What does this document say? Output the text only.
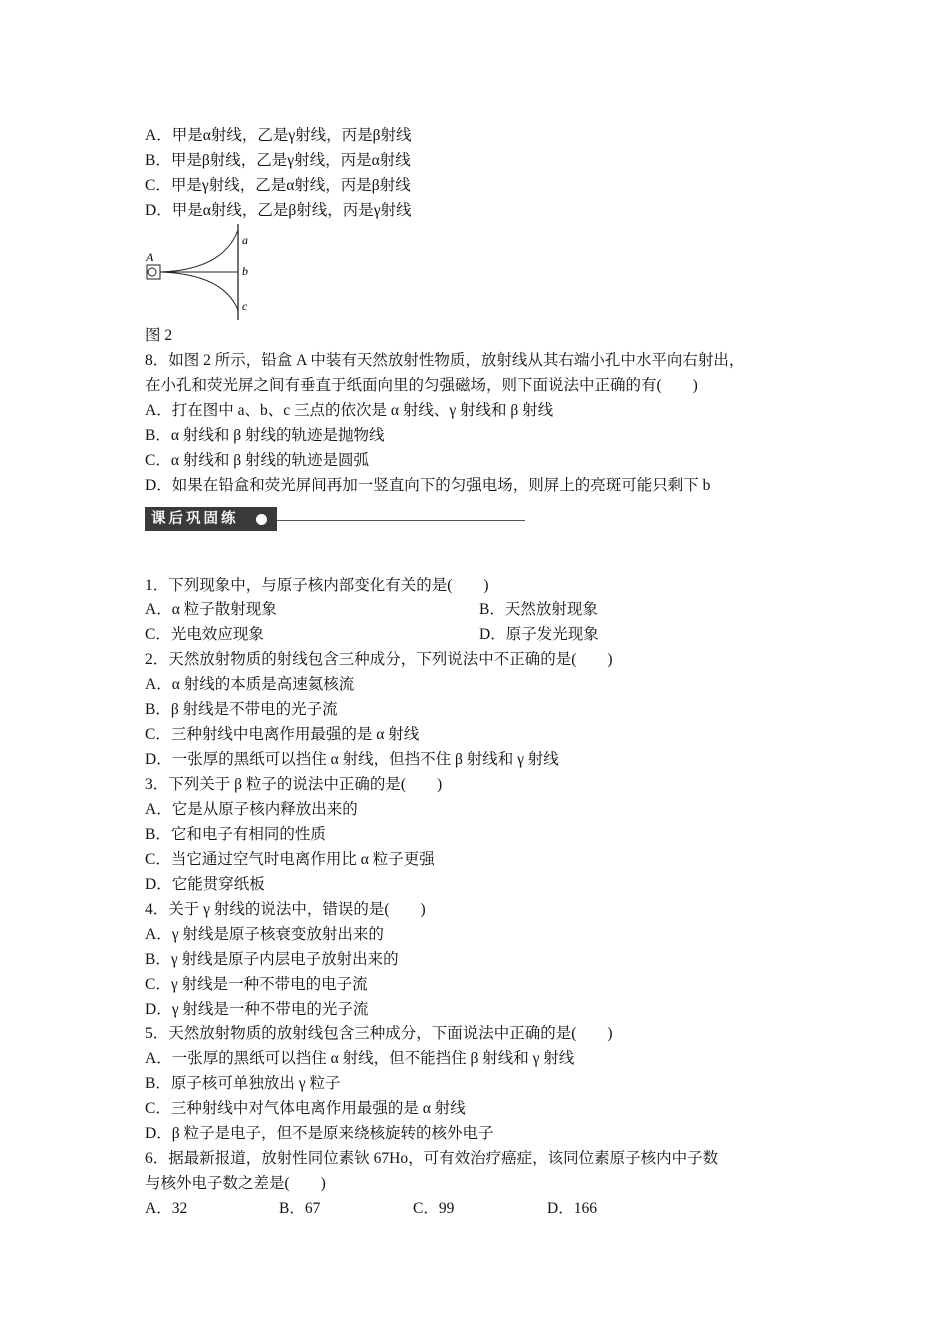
A．甲是α射线，乙是γ射线，丙是β射线
B．甲是β射线，乙是γ射线，丙是α射线
C．甲是γ射线，乙是α射线，丙是β射线
D．甲是α射线，乙是β射线，丙是γ射线
A
a
b
c
图 2
8．如图 2 所示，铅盒 A 中装有天然放射性物质，放射线从其右端小孔中水平向右射出，
在小孔和荧光屏之间有垂直于纸面向里的匀强磁场，则下面说法中正确的有(　　)
A．打在图中 a、b、c 三点的依次是 α 射线、γ 射线和 β 射线
B．α 射线和 β 射线的轨迹是抛物线
C．α 射线和 β 射线的轨迹是圆弧
D．如果在铅盒和荧光屏间再加一竖直向下的匀强电场，则屏上的亮斑可能只剩下 b
课后巩固练
1．下列现象中，与原子核内部变化有关的是(　　)
A．α 粒子散射现象	B．天然放射现象
C．光电效应现象	D．原子发光现象
2．天然放射物质的射线包含三种成分，下列说法中不正确的是(　　)
A．α 射线的本质是高速氦核流
B．β 射线是不带电的光子流
C．三种射线中电离作用最强的是 α 射线
D．一张厚的黑纸可以挡住 α 射线，但挡不住 β 射线和 γ 射线
3．下列关于 β 粒子的说法中正确的是(　　)
A．它是从原子核内释放出来的
B．它和电子有相同的性质
C．当它通过空气时电离作用比 α 粒子更强
D．它能贯穿纸板
4．关于 γ 射线的说法中，错误的是(　　)
A．γ 射线是原子核衰变放射出来的
B．γ 射线是原子内层电子放射出来的
C．γ 射线是一种不带电的电子流
D．γ 射线是一种不带电的光子流
5．天然放射物质的放射线包含三种成分，下面说法中正确的是(　　)
A．一张厚的黑纸可以挡住 α 射线，但不能挡住 β 射线和 γ 射线
B．原子核可单独放出 γ 粒子
C．三种射线中对气体电离作用最强的是 α 射线
D．β 粒子是电子，但不是原来绕核旋转的核外电子
6．据最新报道，放射性同位素钬 67Ho，可有效治疗癌症，该同位素原子核内中子数
与核外电子数之差是(　　)
A．32	B．67	C．99	D．166
